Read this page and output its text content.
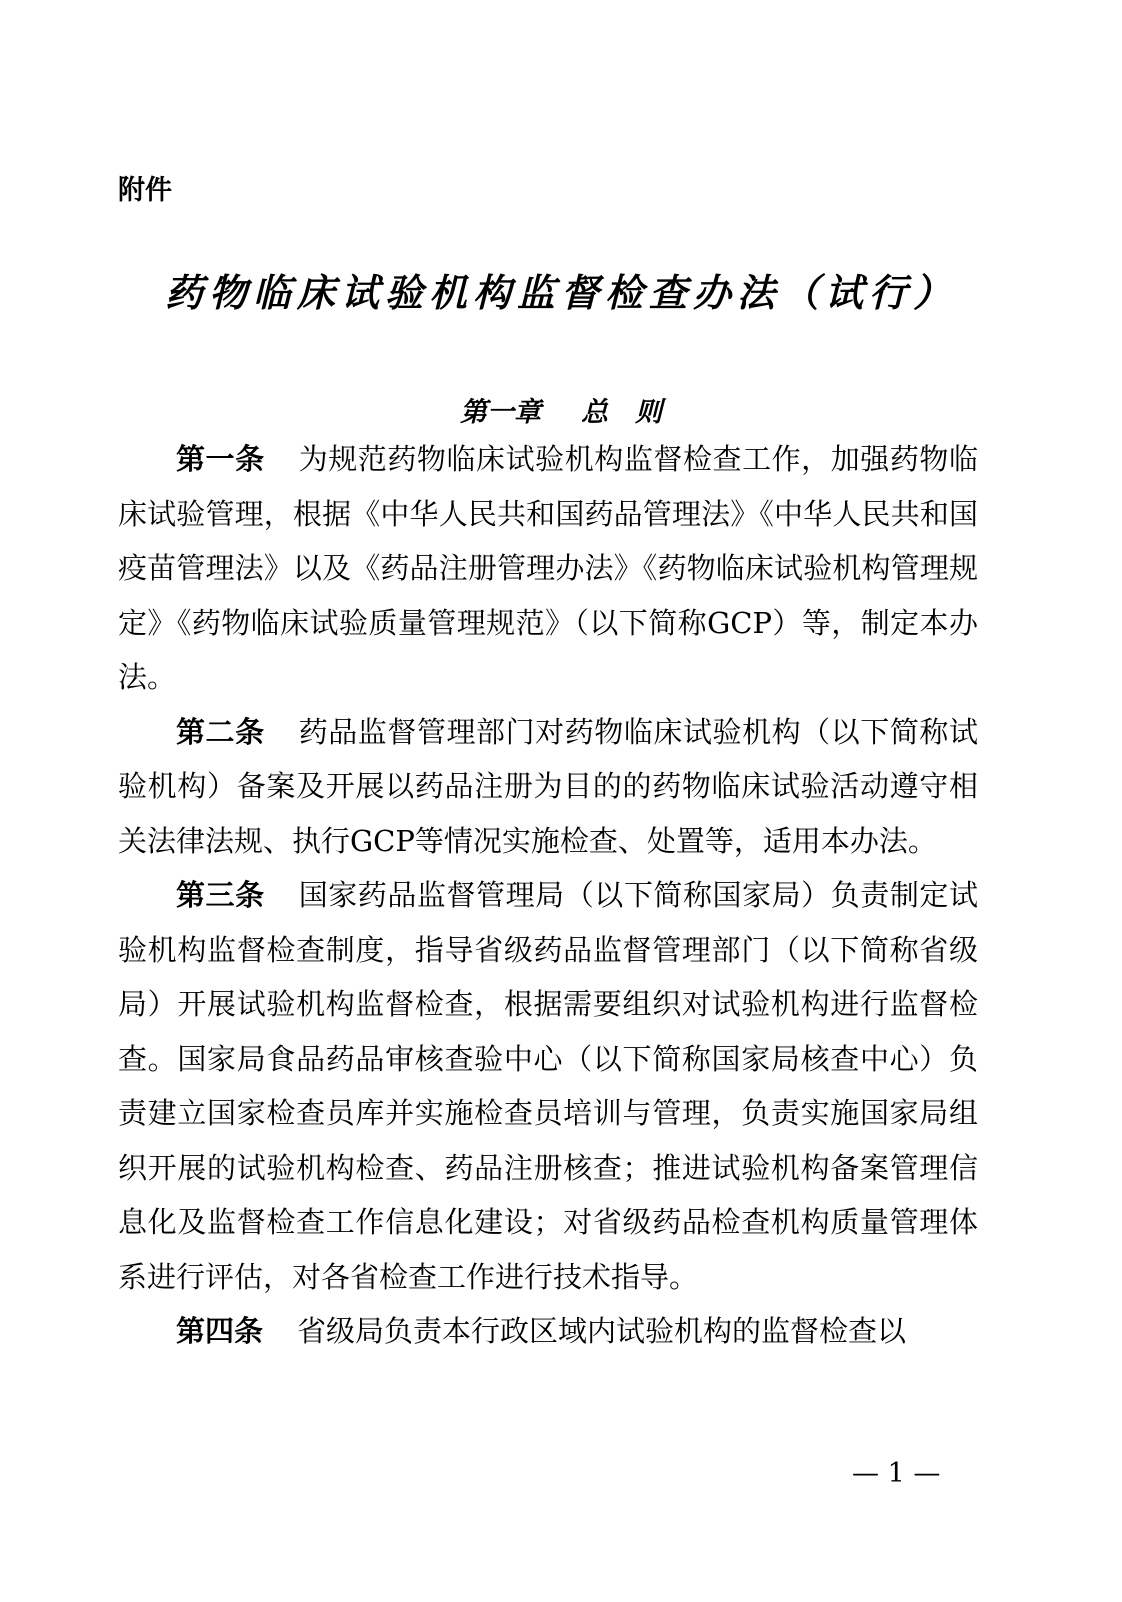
附件
药物临床试验机构监督检查办法（试行）
第一章 总　则

第一条 为规范药物临床试验机构监督检查工作，加强药物临床试验管理，根据《中华人民共和国药品管理法》《中华人民共和国疫苗管理法》以及《药品注册管理办法》《药物临床试验机构管理规定》《药物临床试验质量管理规范》（以下简称GCP）等，制定本办法。

第二条 药品监督管理部门对药物临床试验机构（以下简称试验机构）备案及开展以药品注册为目的的药物临床试验活动遵守相关法律法规、执行GCP等情况实施检查、处置等，适用本办法。

第三条 国家药品监督管理局（以下简称国家局）负责制定试验机构监督检查制度，指导省级药品监督管理部门（以下简称省级局）开展试验机构监督检查，根据需要组织对试验机构进行监督检查。国家局食品药品审核查验中心（以下简称国家局核查中心）负责建立国家检查员库并实施检查员培训与管理，负责实施国家局组织开展的试验机构检查、药品注册核查；推进试验机构备案管理信息化及监督检查工作信息化建设；对省级药品检查机构质量管理体系进行评估，对各省检查工作进行技术指导。

第四条 省级局负责本行政区域内试验机构的监督检查以

— 1 —
